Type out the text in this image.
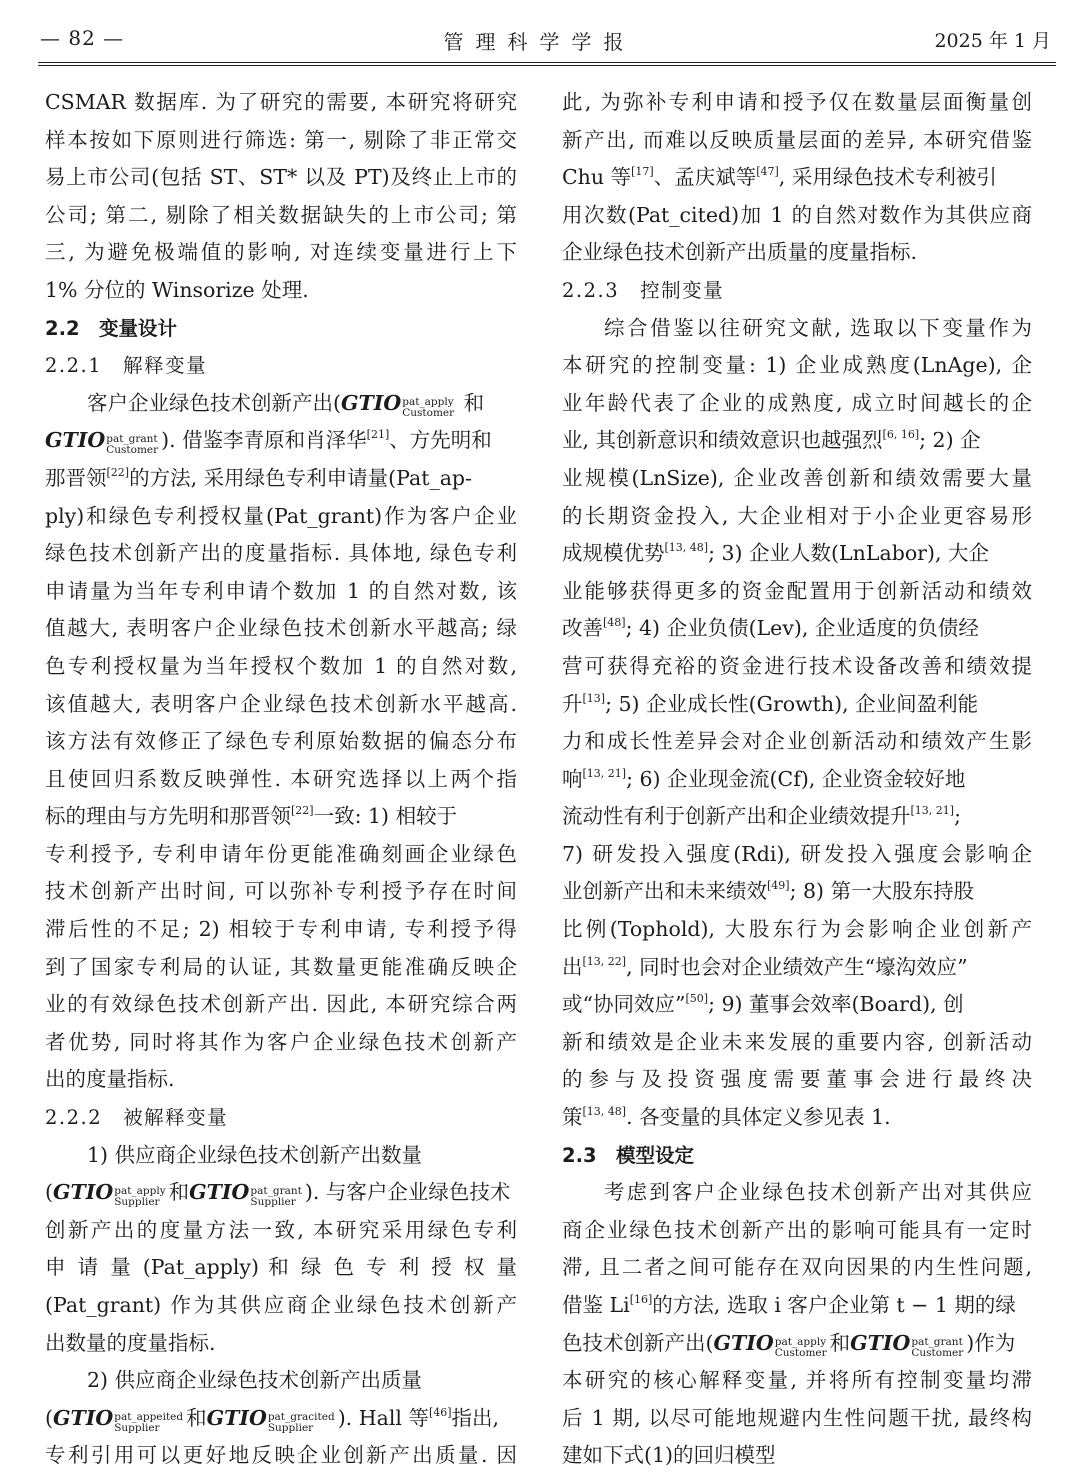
— 82 —	管理科学学报	2025 年 1 月
CSMAR 数据库. 为了研究的需要, 本研究将研究
样本按如下原则进行筛选: 第一, 剔除了非正常交
易上市公司(包括 ST、ST* 以及 PT)及终止上市的
公司; 第二, 剔除了相关数据缺失的上市公司; 第
三, 为避免极端值的影响, 对连续变量进行上下
1% 分位的 Winsorize 处理.
2.2　变量设计
2.2.1　解释变量
客户企业绿色技术创新产出(GTIO pat_apply
Customer 和
GTIO pat_grant
Customer ). 借鉴李青原和肖泽华[21]、方先明和
那晋领[22]的方法, 采用绿色专利申请量(Pat_ap-
ply)和绿色专利授权量(Pat_grant)作为客户企业
绿色技术创新产出的度量指标. 具体地, 绿色专利
申请量为当年专利申请个数加 1 的自然对数, 该
值越大, 表明客户企业绿色技术创新水平越高; 绿
色专利授权量为当年授权个数加 1 的自然对数,
该值越大, 表明客户企业绿色技术创新水平越高.
该方法有效修正了绿色专利原始数据的偏态分布
且使回归系数反映弹性. 本研究选择以上两个指
标的理由与方先明和那晋领[22]一致: 1) 相较于
专利授予, 专利申请年份更能准确刻画企业绿色
技术创新产出时间, 可以弥补专利授予存在时间
滞后性的不足; 2) 相较于专利申请, 专利授予得
到了国家专利局的认证, 其数量更能准确反映企
业的有效绿色技术创新产出. 因此, 本研究综合两
者优势, 同时将其作为客户企业绿色技术创新产
出的度量指标.
2.2.2　被解释变量
1) 供应商企业绿色技术创新产出数量
(GTIO pat_apply
Supplier 和GTIO pat_grant
Supplier ). 与客户企业绿色技术
创新产出的度量方法一致, 本研究采用绿色专利
申 请 量 (Pat_apply) 和 绿 色 专 利 授 权 量
(Pat_grant) 作为其供应商企业绿色技术创新产
出数量的度量指标.
2) 供应商企业绿色技术创新产出质量
(GTIO pat_appeited
Supplier	和GTIO pat_gracited
Supplier	). Hall 等[46]指出,
专利引用可以更好地反映企业创新产出质量. 因
此, 为弥补专利申请和授予仅在数量层面衡量创
新产出, 而难以反映质量层面的差异, 本研究借鉴
Chu 等[17]、孟庆斌等[47], 采用绿色技术专利被引
用次数(Pat_cited)加 1 的自然对数作为其供应商
企业绿色技术创新产出质量的度量指标.
2.2.3　控制变量
综合借鉴以往研究文献, 选取以下变量作为
本研究的控制变量: 1) 企业成熟度(LnAge), 企
业年龄代表了企业的成熟度, 成立时间越长的企
业, 其创新意识和绩效意识也越强烈[6, 16]; 2) 企
业规模(LnSize), 企业改善创新和绩效需要大量
的长期资金投入, 大企业相对于小企业更容易形
成规模优势[13, 48]; 3) 企业人数(LnLabor), 大企
业能够获得更多的资金配置用于创新活动和绩效
改善[48]; 4) 企业负债(Lev), 企业适度的负债经
营可获得充裕的资金进行技术设备改善和绩效提
升[13]; 5) 企业成长性(Growth), 企业间盈利能
力和成长性差异会对企业创新活动和绩效产生影
响[13, 21]; 6) 企业现金流(Cf), 企业资金较好地
流动性有利于创新产出和企业绩效提升[13, 21];
7) 研发投入强度(Rdi), 研发投入强度会影响企
业创新产出和未来绩效[49]; 8) 第一大股东持股
比例(Tophold), 大股东行为会影响企业创新产
出[13, 22], 同时也会对企业绩效产生“壕沟效应”
或“协同效应”[50]; 9) 董事会效率(Board), 创
新和绩效是企业未来发展的重要内容, 创新活动
的参与及投资强度需要董事会进行最终决
策[13, 48]. 各变量的具体定义参见表 1.
2.3　模型设定
考虑到客户企业绿色技术创新产出对其供应
商企业绿色技术创新产出的影响可能具有一定时
滞, 且二者之间可能存在双向因果的内生性问题,
借鉴 Li[16]的方法, 选取 i 客户企业第 t − 1 期的绿
色技术创新产出(GTIO pat_apply
Customer 和GTIO pat_grant
Customer )作为
本研究的核心解释变量, 并将所有控制变量均滞
后 1 期, 以尽可能地规避内生性问题干扰, 最终构
建如下式(1)的回归模型
